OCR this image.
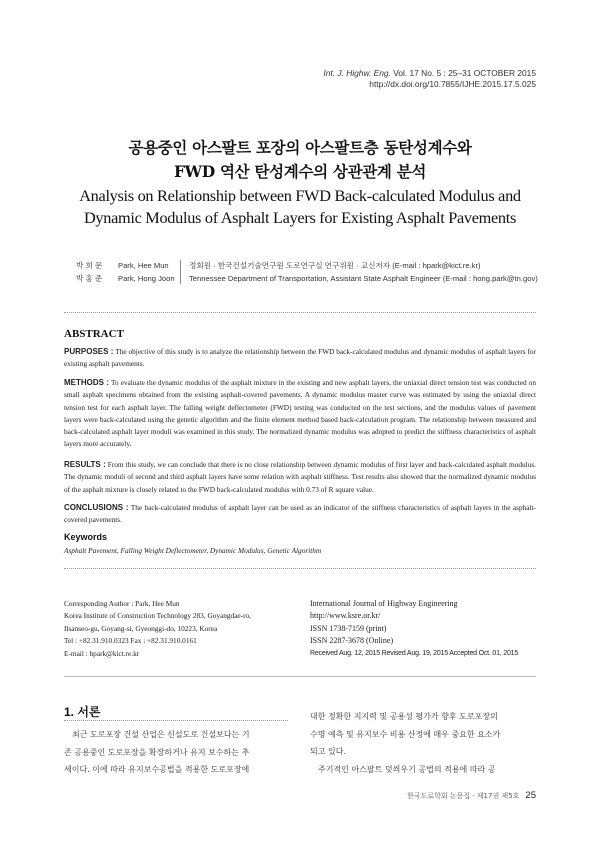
Int. J. Highw. Eng. Vol. 17 No. 5 : 25–31 OCTOBER 2015
http://dx.doi.org/10.7855/IJHE.2015.17.5.025
공용중인 아스팔트 포장의 아스팔트층 동탄성계수와
FWD 역산 탄성계수의 상관관계 분석
Analysis on Relationship between FWD Back-calculated Modulus and
Dynamic Modulus of Asphalt Layers for Existing Asphalt Pavements
박 희 문 Park, Hee Mun	정회원 · 한국건설기술연구원 도로연구실 연구위원 · 교신저자 (E-mail : hpark@kict.re.kr)
박 홍 준 Park, Hong Joon Tennessee Department of Transportation, Assistant State Asphalt Engineer (E-mail : hong.park@tn.gov)
ABSTRACT
PURPOSES : The objective of this study is to analyze the relationship between the FWD back-calculated modulus and dynamic modulus of asphalt layers for existing asphalt pavements.
METHODS : To evaluate the dynamic modulus of the asphalt mixture in the existing and new asphalt layers, the uniaxial direct tension test was conducted on small asphalt specimens obtained from the existing asphalt-covered pavements. A dynamic modulus master curve was estimated by using the uniaxial direct tension test for each asphalt layer. The falling weight deflectometer (FWD) testing was conducted on the test sections, and the modulus values of pavement layers were back-calculated using the genetic algorithm and the finite element method based back-calculation program. The relationship between measured and back-calculated asphalt layer moduli was examined in this study. The normalized dynamic modulus was adopted to predict the stiffness characteristics of asphalt layers more accurately.
RESULTS : From this study, we can conclude that there is no close relationship between dynamic modulus of first layer and back-calculated asphalt modulus. The dynamic moduli of second and third asphalt layers have some relation with asphalt stiffness. Test results also showed that the normalized dynamic modulus of the asphalt mixture is closely related to the FWD back-calculated modulus with 0.73 of R square value.
CONCLUSIONS : The back-calculated modulus of asphalt layer can be used as an indicator of the stiffness characteristics of asphalt layers in the asphalt-covered pavements.
Keywords
Asphalt Pavement, Falling Weight Deflectometer, Dynamic Modulus, Genetic Algorithm
Corresponding Author : Park, Hee Mun
Korea Institute of Construction Technology 283, Goyangdae-ro,
Ilsanseo-gu, Goyang-si, Gyeonggi-do, 10223, Korea
Tel : +82.31.910.0323 Fax : +82.31.910.0161
E-mail : hpark@kict.re.kr
International Journal of Highway Engineering
http://www.ksre.or.kr/
ISSN 1738-7159 (print)
ISSN 2287-3678 (Online)
Received Aug. 12, 2015 Revised Aug. 19, 2015 Accepted Oct. 01, 2015
1. 서론
최근 도로포장 건설 산업은 신설도로 건설보다는 기
존 공용중인 도로포장을 확장하거나 유지 보수하는 추
세이다. 이에 따라 유지보수공법을 적용한 도로포장에
대한 정확한 지지력 및 공용성 평가가 향후 도로포장의
수명 예측 및 유지보수 비용 산정에 매우 중요한 요소가
되고 있다.
주기적인 아스팔트 덧씌우기 공법의 적용에 따라 공
한국도로학회 논문집 · 제17권 제5호 25
